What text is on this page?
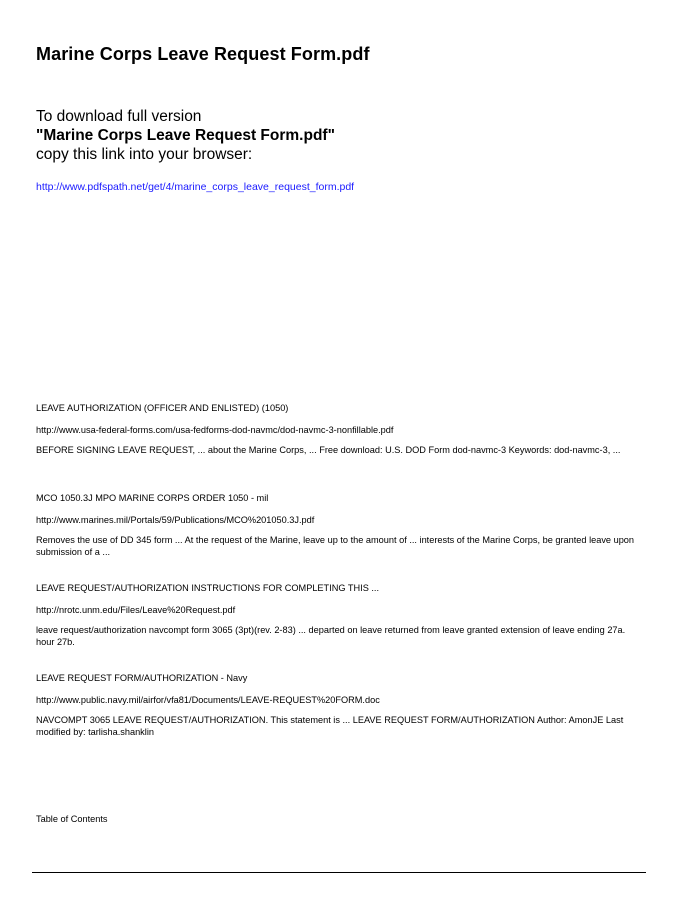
Marine Corps Leave Request Form.pdf

To download full version

"Marine Corps Leave Request Form.pdf"

copy this link into your browser:

http://www.pdfspath.net/get/4/marine_corps_leave_request_form.pdf

LEAVE AUTHORIZATION (OFFICER AND ENLISTED) (1050)

http://www.usa-federal-forms.com/usa-fedforms-dod-navmc/dod-navmc-3-nonfillable.pdf

BEFORE SIGNING LEAVE REQUEST, ... about the Marine Corps, ... Free download: U.S. DOD Form dod-navmc-3 Keywords: dod-navmc-3, ...

MCO 1050.3J MPO MARINE CORPS ORDER 1050 - mil

http://www.marines.mil/Portals/59/Publications/MCO%201050.3J.pdf

Removes the use of DD 345 form ... At the request of the Marine, leave up to the amount of ... interests of the Marine Corps, be granted leave upon submission of a ...

LEAVE REQUEST/AUTHORIZATION INSTRUCTIONS FOR COMPLETING THIS ...

http://nrotc.unm.edu/Files/Leave%20Request.pdf

leave request/authorization navcompt form 3065 (3pt)(rev. 2-83) ... departed on leave returned from leave granted extension of leave ending 27a. hour 27b.

LEAVE REQUEST FORM/AUTHORIZATION - Navy

http://www.public.navy.mil/airfor/vfa81/Documents/LEAVE-REQUEST%20FORM.doc

NAVCOMPT 3065 LEAVE REQUEST/AUTHORIZATION. This statement is ... LEAVE REQUEST FORM/AUTHORIZATION Author: AmonJE Last modified by: tarlisha.shanklin

Table of Contents
